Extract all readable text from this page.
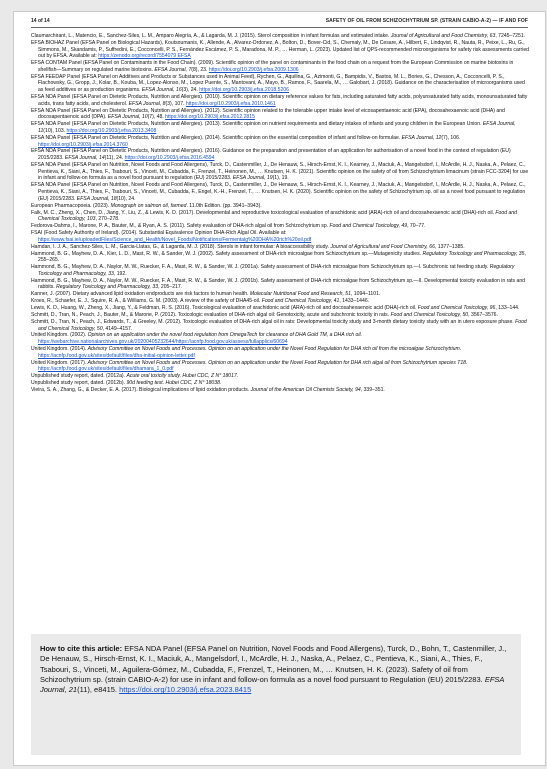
14 of 14	SAFETY OF OIL FROM SCHIZOCHYTRIUM SP. (STRAIN CABIO-A-2) — IF AND FOF
Claumarchirant, L., Matencio, E., Sanchez-Siles, L. M., Amparo Alegría, A., & Lagarda, M. J. (2015). Sterol composition in infant formulas and estimated intake. Journal of Agricultural and Food Chemistry, 63, 7245–7251.
EFSA BIOHAZ Panel (EFSA Panel on Biological Hazards), Koutsoumanis, K., Allende, A., Alvarez-Ordonez, A., Bolton, D., Bover-Cid, S., Chemaly, M., De Cesare, A., Hilbert, F., Lindqvist, R., Nauta, R., Peixe, L., Ru, G., Simmons, M., Skandamis, P., Suffredini, E., Cocconcelli, P. S., Fernández Escámez, P. S., Maradona, M. P., … Herman, L. (2023). Updated list of QPS-recommended microorganisms for safety risk assessments carried out by EFSA. Available at: https://zenodo.org/record/7554079 EFSA
EFSA CONTAM Panel (EFSA Panel on Contaminants in the Food Chain). (2009). Scientific opinion of the panel on contaminants in the food chain on a request from the European Commission on marine biotoxins in shellfish—Summary on regulated marine biotoxins. EFSA Journal, 7(8), 23. https://doi.org/10.2903/j.efsa.2009.1306
EFSA FEEDAP Panel (EFSA Panel on Additives and Products or Substances used in Animal Feed), Rychen, G., Aquilina, G., Azimonti, G., Bampidis, V., Bastos, M. L., Bories, G., Chesson, A., Cocconcelli, P. S., Flachowsky, G., Gropp, J., Kolar, B., Kouba, M., Lopez-Alonso, M., Lopez Puente, S., Mantovani, A., Mayo, B., Ramos, F., Saarela, M., … Galobart, J. (2018). Guidance on the characterisation of microorganisms used as feed additives or as production organisms. EFSA Journal, 16(3), 24. https://doi.org/10.2903/j.efsa.2018.5206
EFSA NDA Panel (EFSA Panel on Dietetic Products, Nutrition and Allergies). (2010). Scientific opinion on dietary reference values for fats, including saturated fatty acids, polyunsaturated fatty acids, monounsaturated fatty acids, trans fatty acids, and cholesterol. EFSA Journal, 8(3), 107. https://doi.org/10.2903/j.efsa.2010.1461
EFSA NDA Panel (EFSA Panel on Dietetic Products, Nutrition and Allergies). (2012). Scientific opinion related to the tolerable upper intake level of eicosapentaenoic acid (EPA), docosahexaenoic acid (DHA) and docosapentaenoic acid (DPA). EFSA Journal, 10(7), 48. https://doi.org/10.2903/j.efsa.2012.2815
EFSA NDA Panel (EFSA Panel on Dietetic Products, Nutrition and Allergies). (2013). Scientific opinion on nutrient requirements and dietary intakes of infants and young children in the European Union. EFSA Journal, 11(10), 103. https://doi.org/10.2903/j.efsa.2013.3408
EFSA NDA Panel (EFSA Panel on Dietetic Products, Nutrition and Allergies). (2014). Scientific opinion on the essential composition of infant and follow-on formulae. EFSA Journal, 12(7), 106. https://doi.org/10.2903/j.efsa.2014.3760
EFSA NDA Panel (EFSA Panel on Dietetic Products, Nutrition and Allergies). (2016). Guidance on the preparation and presentation of an application for authorisation of a novel food in the context of regulation (EU) 2015/2283. EFSA Journal, 14(11), 24. https://doi.org/10.2903/j.efsa.2016.4594
EFSA NDA Panel (EFSA Panel on Nutrition, Novel Foods and Food Allergens), Turck, D., Castenmiller, J., De Henauw, S., Hirsch-Ernst, K. I., Kearney, J., Maciuk, A., Mangelsdorf, I., McArdle, H. J., Naska, A., Pelaez, C., Pentieva, K., Siani, A., Thies, F., Tsabouri, S., Vinceti, M., Cubadda, F., Frenzel, T., Heinonen, M., … Knutsen, H. K. (2021). Scientific opinion on the safety of oil from Schizochytrium limacinum (strain FCC-3204) for use in infant and follow-on formula as a novel food pursuant to regulation (EU) 2015/2283. EFSA Journal, 19(1), 19.
EFSA NDA Panel (EFSA Panel on Nutrition, Novel Foods and Food Allergens), Turck, D., Castenmiller, J., De Henauw, S., Hirsch-Ernst, K. I., Kearney, J., Maciuk, A., Mangelsdorf, I., McArdle, H. J., Naska, A., Pelaez, C., Pentieva, K., Siani, A., Thies, F., Tsabouri, S., Vinceti, M., Cubadda, F., Engel, K.-H., Frenzel, T., … Knutsen, H. K. (2020). Scientific opinion on the safety of Schizochytrium sp. oil as a novel food pursuant to regulation (EU) 2015/2283. EFSA Journal, 18(10), 24.
European Pharmacopoeia. (2023). Monograph on salmon oil, farmed. 11.0th Edition. (pp. 3941–3943).
Falk, M. C., Zheng, X., Chen, D., Jiang, Y., Liu, Z., & Lewis, K. D. (2017). Developmental and reproductive toxicological evaluation of arachidonic acid (ARA)-rich oil and docosahexaenoic acid (DHA)-rich oil. Food and Chemical Toxicology, 103, 270–278.
Fedorova-Dahms, I., Marone, P. A., Bauter, M., & Ryan, A. S. (2011). Safety evaluation of DHA-rich algal oil from Schizochytrium sp. Food and Chemical Toxicology, 49, 70–77.
FSAI (Food Safety Authority of Ireland). (2014). Substantial Equivalence Opinion DHA-Rich Algal Oil. Available at: https://www.fsai.ie/uploadedFiles/Science_and_Health/Novel_Foods/Notifications/Fermentalg%20DHA%20rich%20oil.pdf
Hamdan, I. J. A., Sanchez-Siles, L. M., Garcia-Llatas, G., & Lagarda, M. J. (2018). Sterols in infant formulas: A bioaccessibility study. Journal of Agricultural and Food Chemistry, 66, 1377–1385.
Hammond, B. G., Mayhew, D. A., Kier, L. D., Mast, R. W., & Sander, W. J. (2002). Safety assessment of DHA-rich microalgae from Schizochytrium sp.—Mutagenicity studies. Regulatory Toxicology and Pharmacology, 35, 255–265.
Hammond, B. G., Mayhew, D. A., Naylor, M. W., Ruecker, F. A., Mast, R. W., & Sander, W. J. (2001a). Safety assessment of DHA-rich microalgae from Schizochytrium sp.—I. Subchronic rat feeding study. Regulatory Toxicology and Pharmacology, 33, 192.
Hammond, B. G., Mayhew, D. A., Naylor, M. W., Ruecker, F. A., Mast, R. W., & Sander, W. J. (2001b). Safety assessment of DHA-rich microalgae from Schizochytrium sp.—II. Developmental toxicity evaluation in rats and rabbits. Regulatory Toxicology and Pharmacology, 33, 205–217.
Kanner, J. (2007). Dietary advanced lipid oxidation endproducts are risk factors to human health. Molecular Nutritional Food and Research, 51, 1094–1101.
Kroes, R., Schaefer, E. J., Squire, R. A., & Williams, G. M. (2003). A review of the safety of DHA45-oil. Food and Chemical Toxicology, 41, 1433–1446.
Lewis, K. D., Huang, W., Zheng, X., Jiang, Y., & Feldman, R. S. (2016). Toxicological evaluation of arachidonic acid (ARA)-rich oil and docosahexaenoic acid (DHA)-rich oil. Food and Chemical Toxicology, 96, 133–144.
Schmitt, D., Tran, N., Peach, J., Bauter, M., & Marone, P. (2012). Toxicologic evaluation of DHA-rich algal oil: Genotoxicity, acute and subchronic toxicity in rats. Food and Chemical Toxicology, 50, 3567–3576.
Schmitt, D., Tran, N., Peach, J., Edwards, T., & Greeley, M. (2012). Toxicologic evaluation of DHA-rich algal oil in rats: Developmental toxicity study and 3-month dietary toxicity study with an in utero exposure phase. Food and Chemical Toxicology, 50, 4149–4157.
United Kingdom. (2002). Opinion on an application under the novel food regulation from OmegaTech for clearance of DHA Gold TM, a DHA rich oil. https://webarchive.nationalarchives.gov.uk/20200405232644/https://acnfp.food.gov.uk/assess/fullapplics/60694
United Kingdom. (2014). Advisory Committee on Novel Foods and Processes. Opinion on an application under the Novel Food Regulation for DHA rich oil from the microalgae Schizochytrium. https://acnfp.food.gov.uk/sites/default/files/dha-initial-opinion-letter.pdf
United Kingdom. (2017). Advisory Committee on Novel Foods and Processes. Opinion on an application under the Novel Food Regulation for DHA rich algal oil from Schizochytrium species T18. https://acnfp.food.gov.uk/sites/default/files/dhamara_1_0.pdf
Unpublished study report, dated. (2012a). Acute oral toxicity study. Hubei CDC, Z N° 18017.
Unpublished study report, dated. (2012b). 90d feeding test. Hubei CDC, Z N° 18038.
Vieira, S. A., Zhang, G., & Decker, E. A. (2017). Biological implications of lipid oxidation products. Journal of the American Oil Chemists Society, 94, 339–351.
How to cite this article: EFSA NDA Panel (EFSA Panel on Nutrition, Novel Foods and Food Allergens), Turck, D., Bohn, T., Castenmiller, J., De Henauw, S., Hirsch-Ernst, K. I., Maciuk, A., Mangelsdorf, I., McArdle, H. J., Naska, A., Pelaez, C., Pentieva, K., Siani, A., Thies, F., Tsabouri, S., Vinceti, M., Aguilera-Gómez, M., Cubadda, F., Frenzel, T., Heinonen, M., … Knutsen, H. K. (2023). Safety of oil from Schizochytrium sp. (strain CABIO-A-2) for use in infant and follow-on formula as a novel food pursuant to Regulation (EU) 2015/2283. EFSA Journal, 21(11), e8415. https://doi.org/10.2903/j.efsa.2023.8415
